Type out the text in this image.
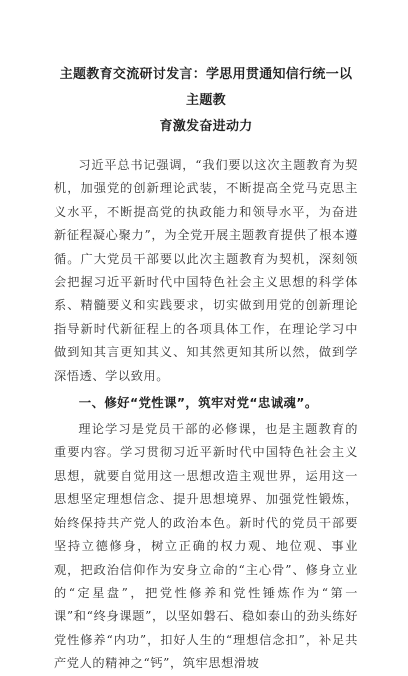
主题教育交流研讨发言：学思用贯通知信行统一以主题教
育激发奋进动力

习近平总书记强调，“我们要以这次主题教育为契机，加强党的创新理论武装，不断提高全党马克思主义水平，不断提高党的执政能力和领导水平，为奋进新征程凝心聚力”，为全党开展主题教育提供了根本遵循。广大党员干部要以此次主题教育为契机，深刻领会把握习近平新时代中国特色社会主义思想的科学体系、精髓要义和实践要求，切实做到用党的创新理论指导新时代新征程上的各项具体工作，在理论学习中做到知其言更知其义、知其然更知其所以然，做到学深悟透、学以致用。

一、修好“党性课”，筑牢对党“忠诚魂”。

理论学习是党员干部的必修课，也是主题教育的重要内容。学习贯彻习近平新时代中国特色社会主义思想，就要自觉用这一思想改造主观世界，运用这一思想坚定理想信念、提升思想境界、加强党性锻炼，始终保持共产党人的政治本色。新时代的党员干部要坚持立德修身，树立正确的权力观、地位观、事业观，把政治信仰作为安身立命的“主心骨”、修身立业的“定星盘”，把党性修养和党性锤炼作为“第一课”和“终身课题”，以坚如磐石、稳如泰山的劲头练好党性修养“内功”，扣好人生的“理想信念扣”，补足共产党人的精神之“钙”，筑牢思想滑坡
